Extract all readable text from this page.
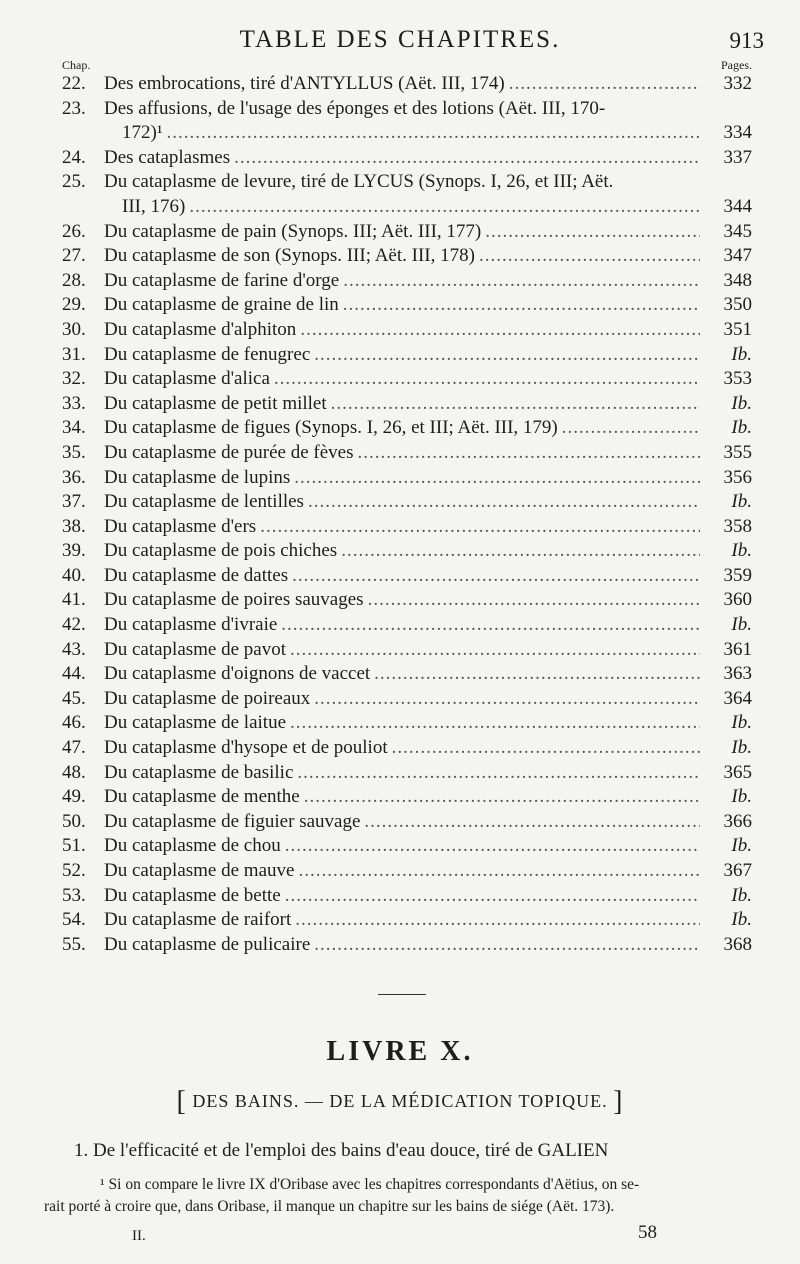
TABLE DES CHAPITRES.	913
Chap.	Pages.
22. Des embrocations, tiré d'ANTYLLUS (Aët. III, 174) .....	332
23. Des affusions, de l'usage des éponges et des lotions (Aët. III, 170-
172)¹ .....	334
24. Des cataplasmes .....	337
25. Du cataplasme de levure, tiré de LYCUS (Synops. I, 26, et III; Aët.
III, 176) .....	344
26. Du cataplasme de pain (Synops. III; Aët. III, 177) .....	345
27. Du cataplasme de son (Synops. III; Aët. III, 178) .....	347
28. Du cataplasme de farine d'orge .....	348
29. Du cataplasme de graine de lin .....	350
30. Du cataplasme d'alphiton .....	351
31. Du cataplasme de fenugrec .....	Ib.
32. Du cataplasme d'alica .....	353
33. Du cataplasme de petit millet .....	Ib.
34. Du cataplasme de figues (Synops. I, 26, et III; Aët. III, 179) .....	Ib.
35. Du cataplasme de purée de fèves .....	355
36. Du cataplasme de lupins .....	356
37. Du cataplasme de lentilles .....	Ib.
38. Du cataplasme d'ers .....	358
39. Du cataplasme de pois chiches .....	Ib.
40. Du cataplasme de dattes .....	359
41. Du cataplasme de poires sauvages .....	360
42. Du cataplasme d'ivraie .....	Ib.
43. Du cataplasme de pavot .....	361
44. Du cataplasme d'oignons de vaccet .....	363
45. Du cataplasme de poireaux .....	364
46. Du cataplasme de laitue .....	Ib.
47. Du cataplasme d'hysope et de pouliot .....	Ib.
48. Du cataplasme de basilic .....	365
49. Du cataplasme de menthe .....	Ib.
50. Du cataplasme de figuier sauvage .....	366
51. Du cataplasme de chou .....	Ib.
52. Du cataplasme de mauve .....	367
53. Du cataplasme de bette .....	Ib.
54. Du cataplasme de raifort .....	Ib.
55. Du cataplasme de pulicaire .....	368
LIVRE X.
[ DES BAINS. — DE LA MÉDICATION TOPIQUE. ]
1. De l'efficacité et de l'emploi des bains d'eau douce, tiré de GALIEN

¹ Si on compare le livre IX d'Oribase avec les chapitres correspondants d'Aëtius, on se-

rait porté à croire que, dans Oribase, il manque un chapitre sur les bains de siége (Aët. 173).

II.	58
